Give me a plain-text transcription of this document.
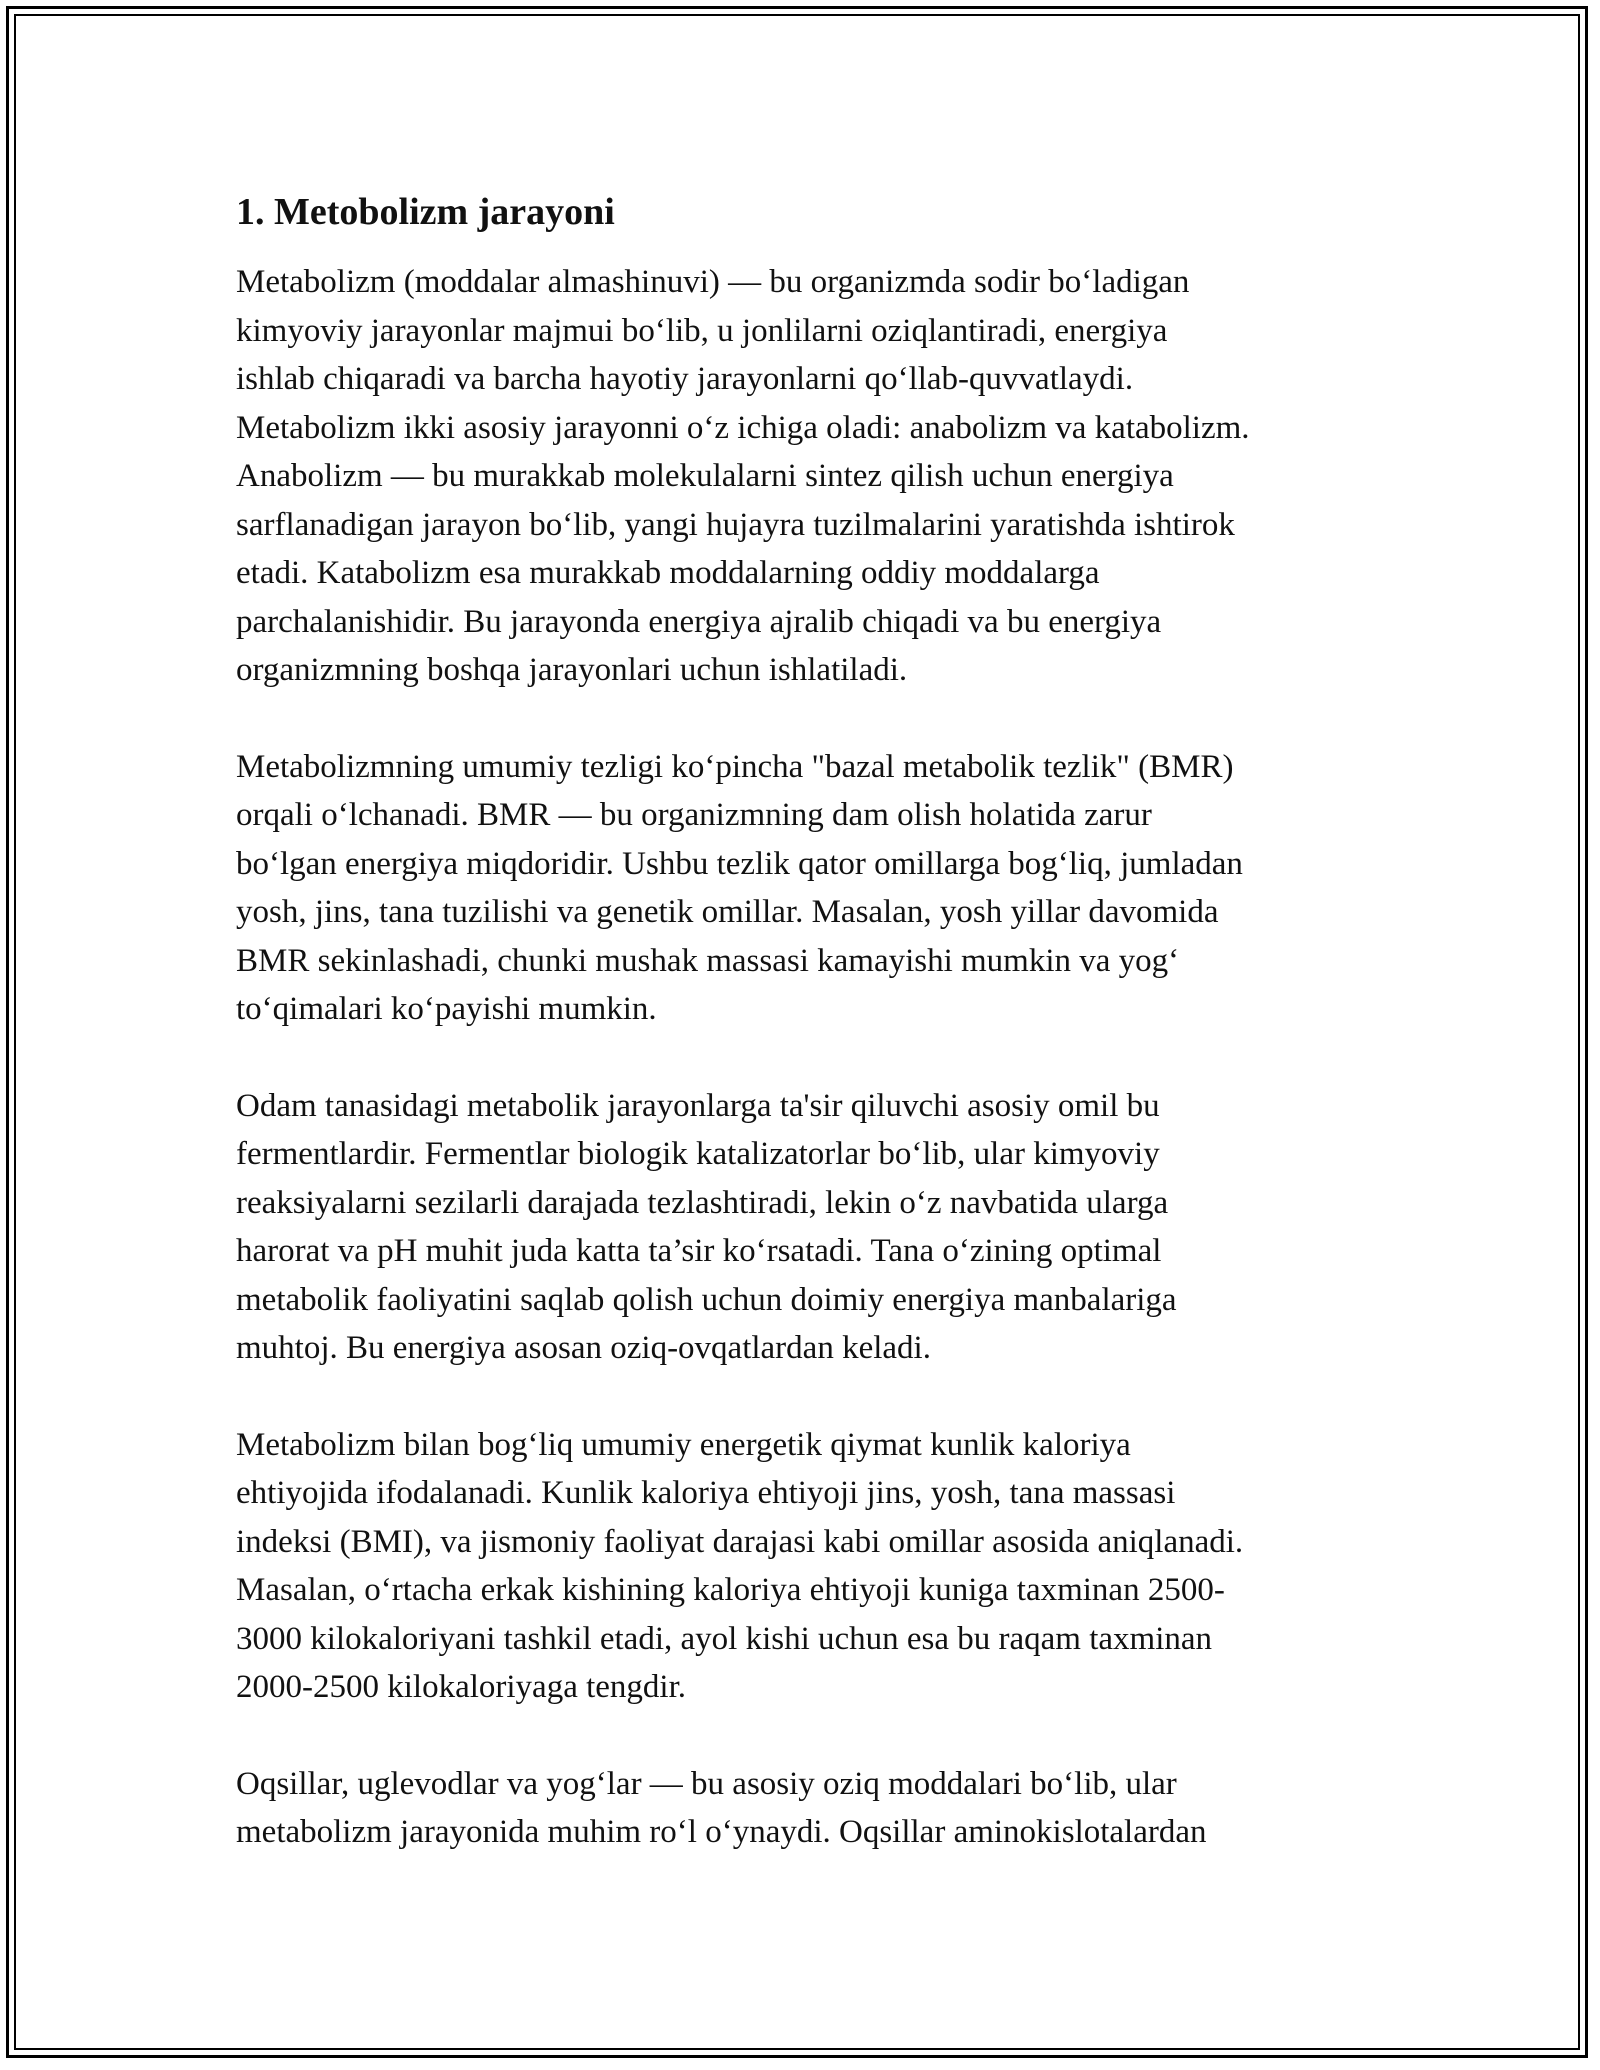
1. Metobolizm jarayoni

Metabolizm (moddalar almashinuvi) — bu organizmda sodir boʻladigan
kimyoviy jarayonlar majmui boʻlib, u jonlilarni oziqlantiradi, energiya
ishlab chiqaradi va barcha hayotiy jarayonlarni qoʻllab-quvvatlaydi.
Metabolizm ikki asosiy jarayonni oʻz ichiga oladi: anabolizm va katabolizm.
Anabolizm — bu murakkab molekulalarni sintez qilish uchun energiya
sarflanadigan jarayon boʻlib, yangi hujayra tuzilmalarini yaratishda ishtirok
etadi. Katabolizm esa murakkab moddalarning oddiy moddalarga
parchalanishidir. Bu jarayonda energiya ajralib chiqadi va bu energiya
organizmning boshqa jarayonlari uchun ishlatiladi.

Metabolizmning umumiy tezligi koʻpincha "bazal metabolik tezlik" (BMR)
orqali oʻlchanadi. BMR — bu organizmning dam olish holatida zarur
boʻlgan energiya miqdoridir. Ushbu tezlik qator omillarga bogʻliq, jumladan
yosh, jins, tana tuzilishi va genetik omillar. Masalan, yosh yillar davomida
BMR sekinlashadi, chunki mushak massasi kamayishi mumkin va yogʻ
toʻqimalari koʻpayishi mumkin.

Odam tanasidagi metabolik jarayonlarga ta'sir qiluvchi asosiy omil bu
fermentlardir. Fermentlar biologik katalizatorlar boʻlib, ular kimyoviy
reaksiyalarni sezilarli darajada tezlashtiradi, lekin oʻz navbatida ularga
harorat va pH muhit juda katta ta’sir koʻrsatadi. Tana oʻzining optimal
metabolik faoliyatini saqlab qolish uchun doimiy energiya manbalariga
muhtoj. Bu energiya asosan oziq-ovqatlardan keladi.

Metabolizm bilan bogʻliq umumiy energetik qiymat kunlik kaloriya
ehtiyojida ifodalanadi. Kunlik kaloriya ehtiyoji jins, yosh, tana massasi
indeksi (BMI), va jismoniy faoliyat darajasi kabi omillar asosida aniqlanadi.
Masalan, oʻrtacha erkak kishining kaloriya ehtiyoji kuniga taxminan 2500-
3000 kilokaloriyani tashkil etadi, ayol kishi uchun esa bu raqam taxminan
2000-2500 kilokaloriyaga tengdir.

Oqsillar, uglevodlar va yogʻlar — bu asosiy oziq moddalari boʻlib, ular
metabolizm jarayonida muhim roʻl oʻynaydi. Oqsillar aminokislotalardan
